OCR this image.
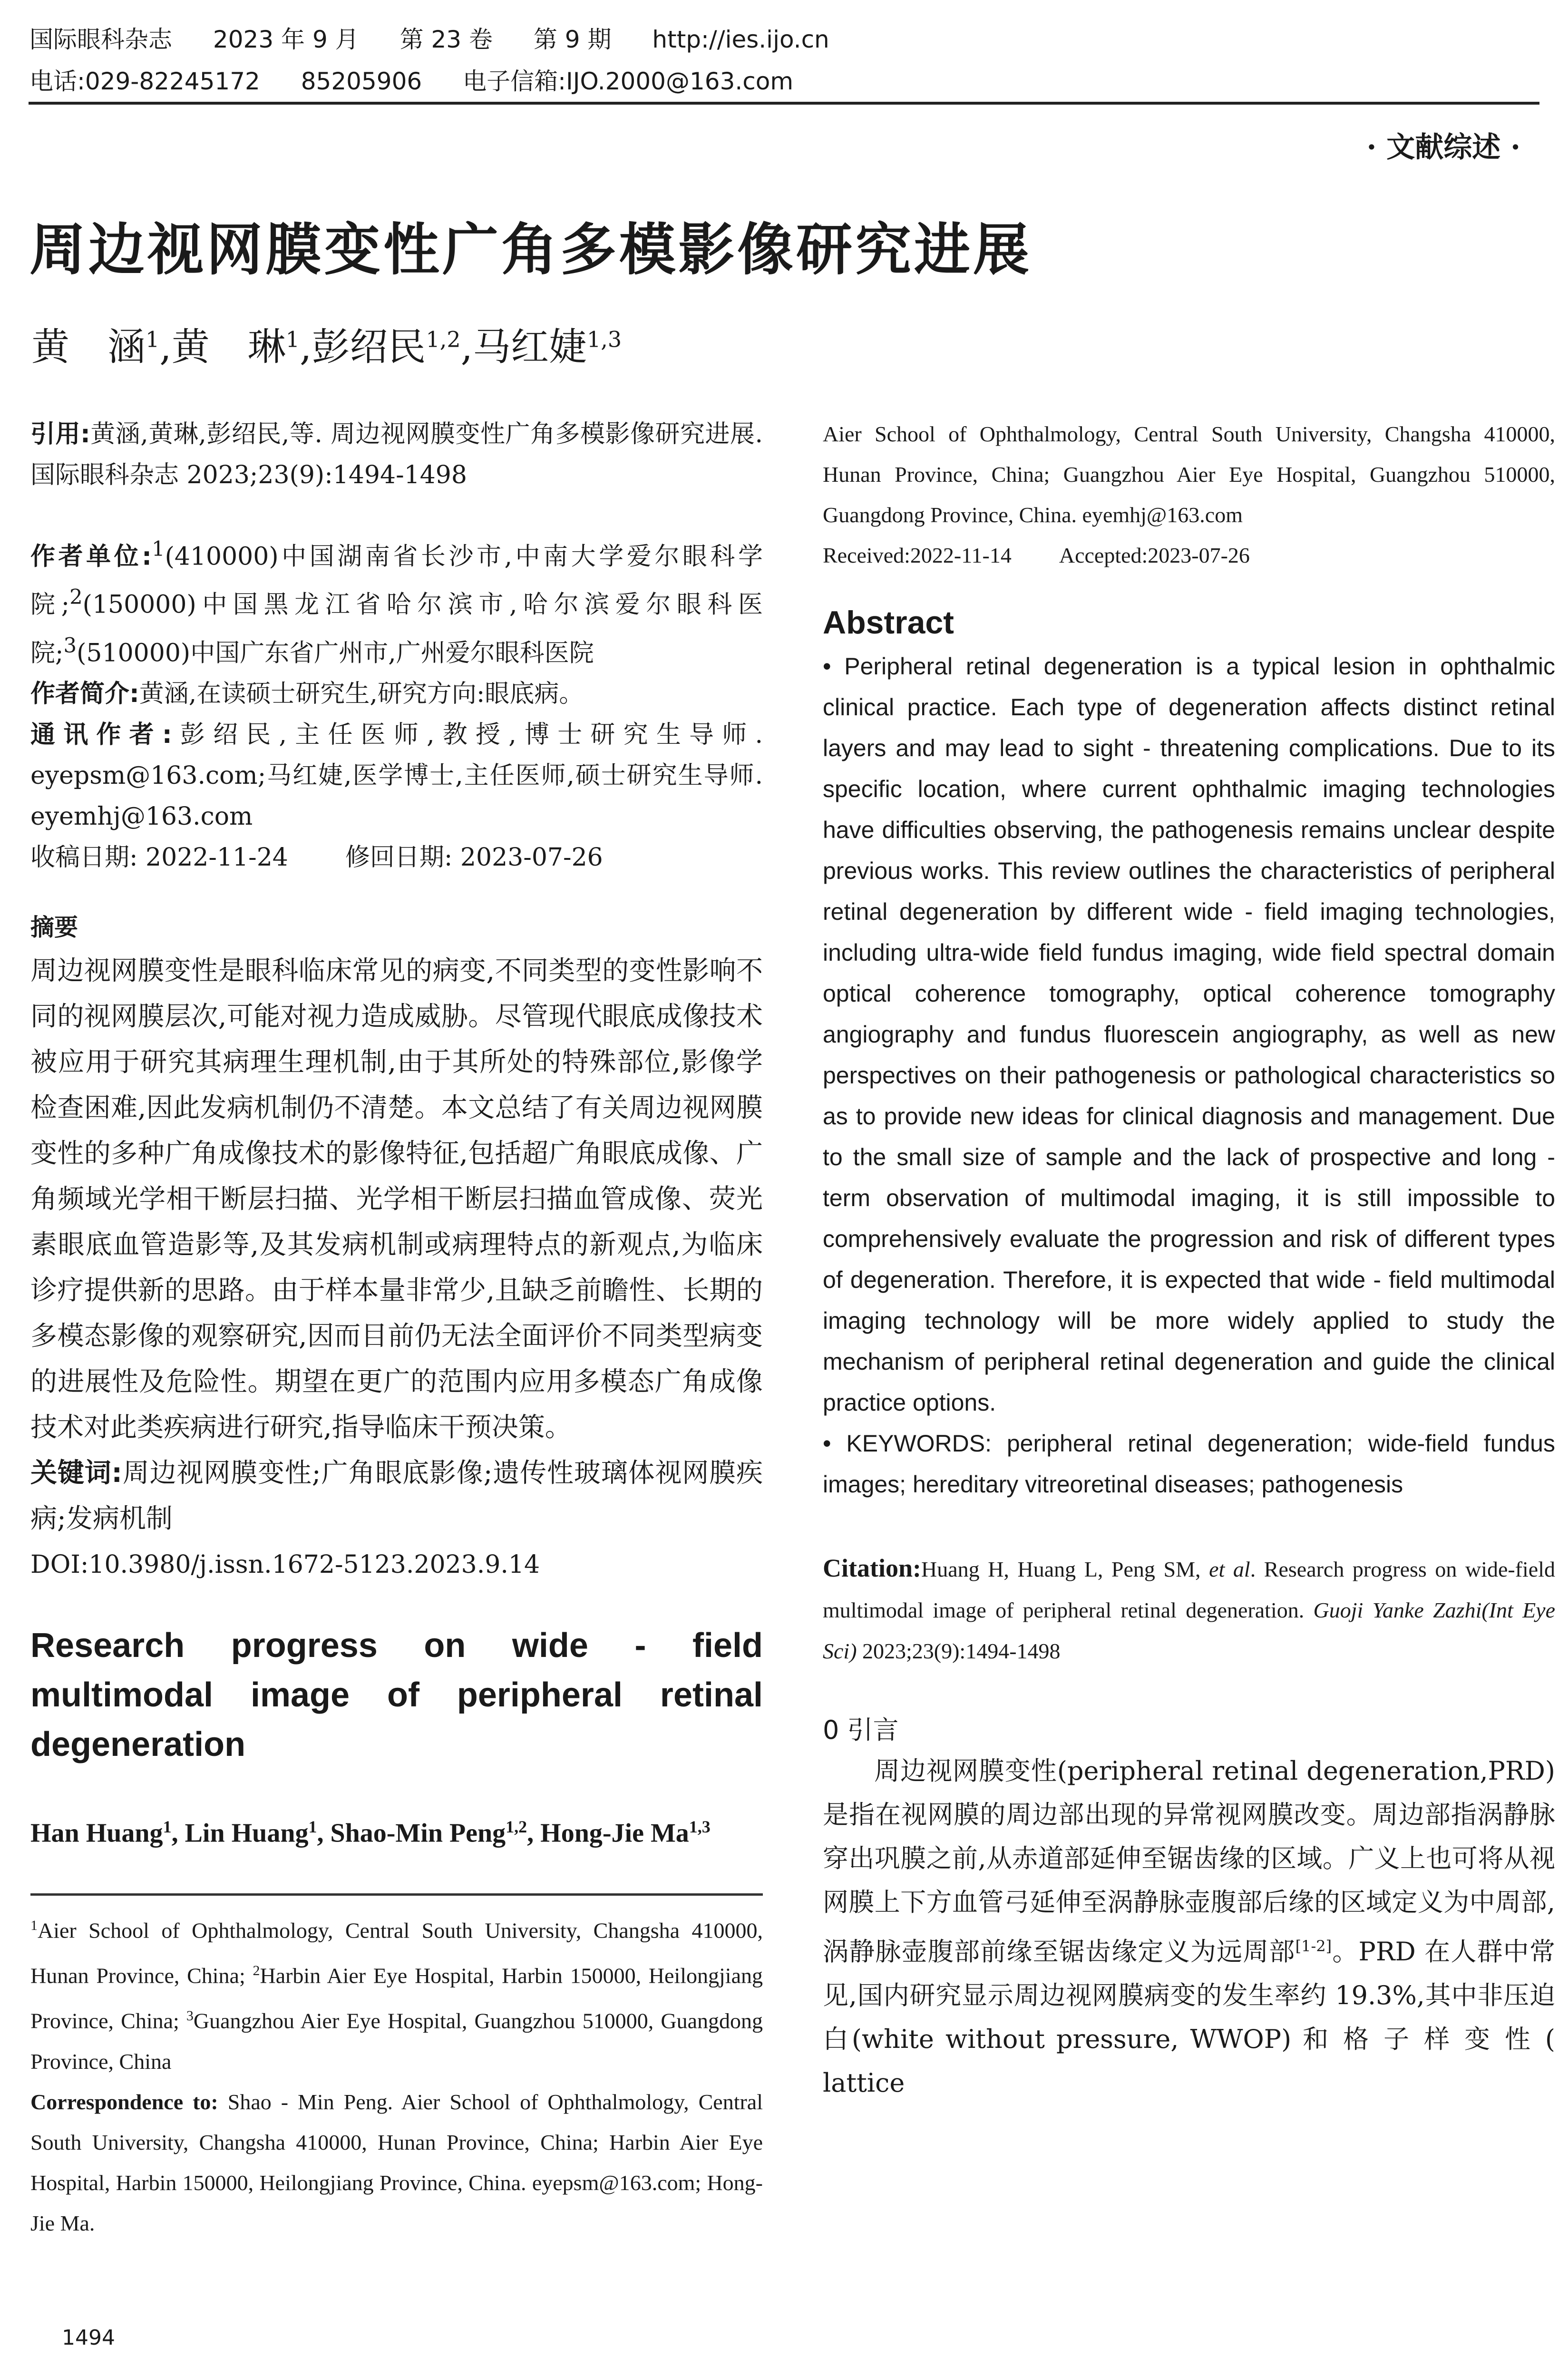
国际眼科杂志 2023 年 9 月 第 23 卷 第 9 期 http://ies.ijo.cn
电话:029-82245172 85205906 电子信箱:IJO.2000@163.com
· 文献综述 ·
周边视网膜变性广角多模影像研究进展
黄　涵$^1$,黄　琳$^1$,彭绍民$^{1,2}$,马红婕$^{1,3}$

引用:黄涵,黄琳,彭绍民,等. 周边视网膜变性广角多模影像研究进展. 国际眼科杂志 2023;23(9):1494-1498

作者单位:$^1$(410000)中国湖南省长沙市,中南大学爱尔眼科学院;$^2$(150000)中国黑龙江省哈尔滨市,哈尔滨爱尔眼科医院;$^3$(510000)中国广东省广州市,广州爱尔眼科医院

作者简介:黄涵,在读硕士研究生,研究方向:眼底病。

通讯作者:彭绍民,主任医师,教授,博士研究生导师. eyepsm@163.com;马红婕,医学博士,主任医师,硕士研究生导师. eyemhj@163.com

收稿日期: 2022-11-24 修回日期: 2023-07-26

摘要

周边视网膜变性是眼科临床常见的病变,不同类型的变性影响不同的视网膜层次,可能对视力造成威胁。尽管现代眼底成像技术被应用于研究其病理生理机制,由于其所处的特殊部位,影像学检查困难,因此发病机制仍不清楚。本文总结了有关周边视网膜变性的多种广角成像技术的影像特征,包括超广角眼底成像、广角频域光学相干断层扫描、光学相干断层扫描血管成像、荧光素眼底血管造影等,及其发病机制或病理特点的新观点,为临床诊疗提供新的思路。由于样本量非常少,且缺乏前瞻性、长期的多模态影像的观察研究,因而目前仍无法全面评价不同类型病变的进展性及危险性。期望在更广的范围内应用多模态广角成像技术对此类疾病进行研究,指导临床干预决策。

关键词:周边视网膜变性;广角眼底影像;遗传性玻璃体视网膜疾病;发病机制

DOI:10.3980/j.issn.1672-5123.2023.9.14

Research progress on wide - field multimodal image of peripheral retinal degeneration
Han Huang$^1$, Lin Huang$^1$, Shao-Min Peng$^{1,2}$, Hong-Jie Ma$^{1,3}$
$^1$Aier School of Ophthalmology, Central South University, Changsha 410000, Hunan Province, China; $^2$Harbin Aier Eye Hospital, Harbin 150000, Heilongjiang Province, China; $^3$Guangzhou Aier Eye Hospital, Guangzhou 510000, Guangdong Province, China
Correspondence to: Shao - Min Peng. Aier School of Ophthalmology, Central South University, Changsha 410000, Hunan Province, China; Harbin Aier Eye Hospital, Harbin 150000, Heilongjiang Province, China. eyepsm@163.com; Hong-Jie Ma.
Aier School of Ophthalmology, Central South University, Changsha 410000, Hunan Province, China; Guangzhou Aier Eye Hospital, Guangzhou 510000, Guangdong Province, China. eyemhj@163.com
Received:2022-11-14 Accepted:2023-07-26
Abstract

• Peripheral retinal degeneration is a typical lesion in ophthalmic clinical practice. Each type of degeneration affects distinct retinal layers and may lead to sight - threatening complications. Due to its specific location, where current ophthalmic imaging technologies have difficulties observing, the pathogenesis remains unclear despite previous works. This review outlines the characteristics of peripheral retinal degeneration by different wide - field imaging technologies, including ultra-wide field fundus imaging, wide field spectral domain optical coherence tomography, optical coherence tomography angiography and fundus fluorescein angiography, as well as new perspectives on their pathogenesis or pathological characteristics so as to provide new ideas for clinical diagnosis and management. Due to the small size of sample and the lack of prospective and long - term observation of multimodal imaging, it is still impossible to comprehensively evaluate the progression and risk of different types of degeneration. Therefore, it is expected that wide - field multimodal imaging technology will be more widely applied to study the mechanism of peripheral retinal degeneration and guide the clinical practice options.

• KEYWORDS: peripheral retinal degeneration; wide-field fundus images; hereditary vitreoretinal diseases; pathogenesis

Citation:Huang H, Huang L, Peng SM, et al. Research progress on wide-field multimodal image of peripheral retinal degeneration. Guoji Yanke Zazhi(Int Eye Sci) 2023;23(9):1494-1498
0 引言

周边视网膜变性(peripheral retinal degeneration,PRD)是指在视网膜的周边部出现的异常视网膜改变。周边部指涡静脉穿出巩膜之前,从赤道部延伸至锯齿缘的区域。广义上也可将从视网膜上下方血管弓延伸至涡静脉壶腹部后缘的区域定义为中周部,涡静脉壶腹部前缘至锯齿缘定义为远周部[1-2]。PRD 在人群中常见,国内研究显示周边视网膜病变的发生率约 19.3%,其中非压迫白(white without pressure, WWOP) 和 格 子 样 变 性 ( lattice

1494
